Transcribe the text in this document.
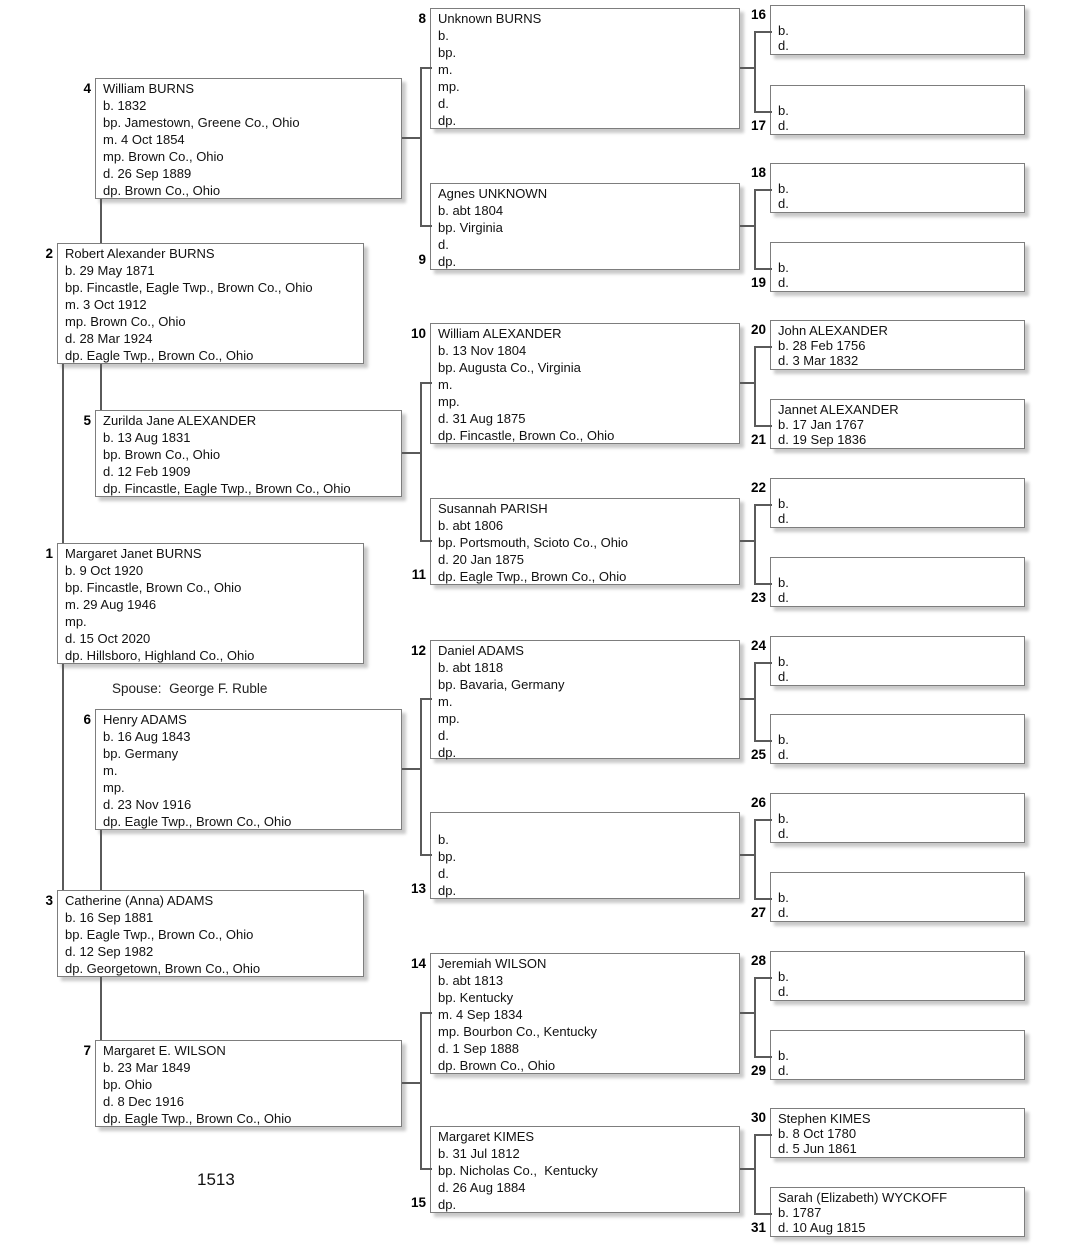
4 William BURNS
b. 1832
bp. Jamestown, Greene Co., Ohio
m. 4 Oct 1854
mp. Brown Co., Ohio
d. 26 Sep 1889
dp. Brown Co., Ohio
2 Robert Alexander BURNS
b. 29 May 1871
bp. Fincastle, Eagle Twp., Brown Co., Ohio
m. 3 Oct 1912
mp. Brown Co., Ohio
d. 28 Mar 1924
dp. Eagle Twp., Brown Co., Ohio
5 Zurilda Jane ALEXANDER
b. 13 Aug 1831
bp. Brown Co., Ohio
d. 12 Feb 1909
dp. Fincastle, Eagle Twp., Brown Co., Ohio
1 Margaret Janet BURNS
b. 9 Oct 1920
bp. Fincastle, Brown Co., Ohio
m. 29 Aug 1946
mp.
d. 15 Oct 2020
dp. Hillsboro, Highland Co., Ohio

Spouse:  George F. Ruble

6 Henry ADAMS
b. 16 Aug 1843
bp. Germany
m.
mp.
d. 23 Nov 1916
dp. Eagle Twp., Brown Co., Ohio
3 Catherine (Anna) ADAMS
b. 16 Sep 1881
bp. Eagle Twp., Brown Co., Ohio
d. 12 Sep 1982
dp. Georgetown, Brown Co., Ohio
7 Margaret E. WILSON
b. 23 Mar 1849
bp. Ohio
d. 8 Dec 1916
dp. Eagle Twp., Brown Co., Ohio
1513
8 Unknown BURNS
b.
bp.
m.
mp.
d.
dp.
9
Agnes UNKNOWN
b. abt 1804
bp. Virginia
d.
dp.
10 William ALEXANDER
b. 13 Nov 1804
bp. Augusta Co., Virginia
m.
mp.
d. 31 Aug 1875
dp. Fincastle, Brown Co., Ohio
11
Susannah PARISH
b. abt 1806
bp. Portsmouth, Scioto Co., Ohio
d. 20 Jan 1875
dp. Eagle Twp., Brown Co., Ohio
12 Daniel ADAMS
b. abt 1818
bp. Bavaria, Germany
m.
mp.
d.
dp.
13
b.
bp.
d.
dp.
14 Jeremiah WILSON
b. abt 1813
bp. Kentucky
m. 4 Sep 1834
mp. Bourbon Co., Kentucky
d. 1 Sep 1888
dp. Brown Co., Ohio
15
Margaret KIMES
b. 31 Jul 1812
bp. Nicholas Co.,  Kentucky
d. 26 Aug 1884
dp.
16
b.
d.
17
b.
d.
18
b.
d.
19
b.
d.
20 John ALEXANDER
b. 28 Feb 1756
d. 3 Mar 1832
21
Jannet ALEXANDER
b. 17 Jan 1767
d. 19 Sep 1836
22
b.
d.
23
b.
d.
24
b.
d.
25
b.
d.
26
b.
d.
27
b.
d.
28
b.
d.
29
b.
d.
30 Stephen KIMES
b. 8 Oct 1780
d. 5 Jun 1861
31
Sarah (Elizabeth) WYCKOFF
b. 1787
d. 10 Aug 1815
